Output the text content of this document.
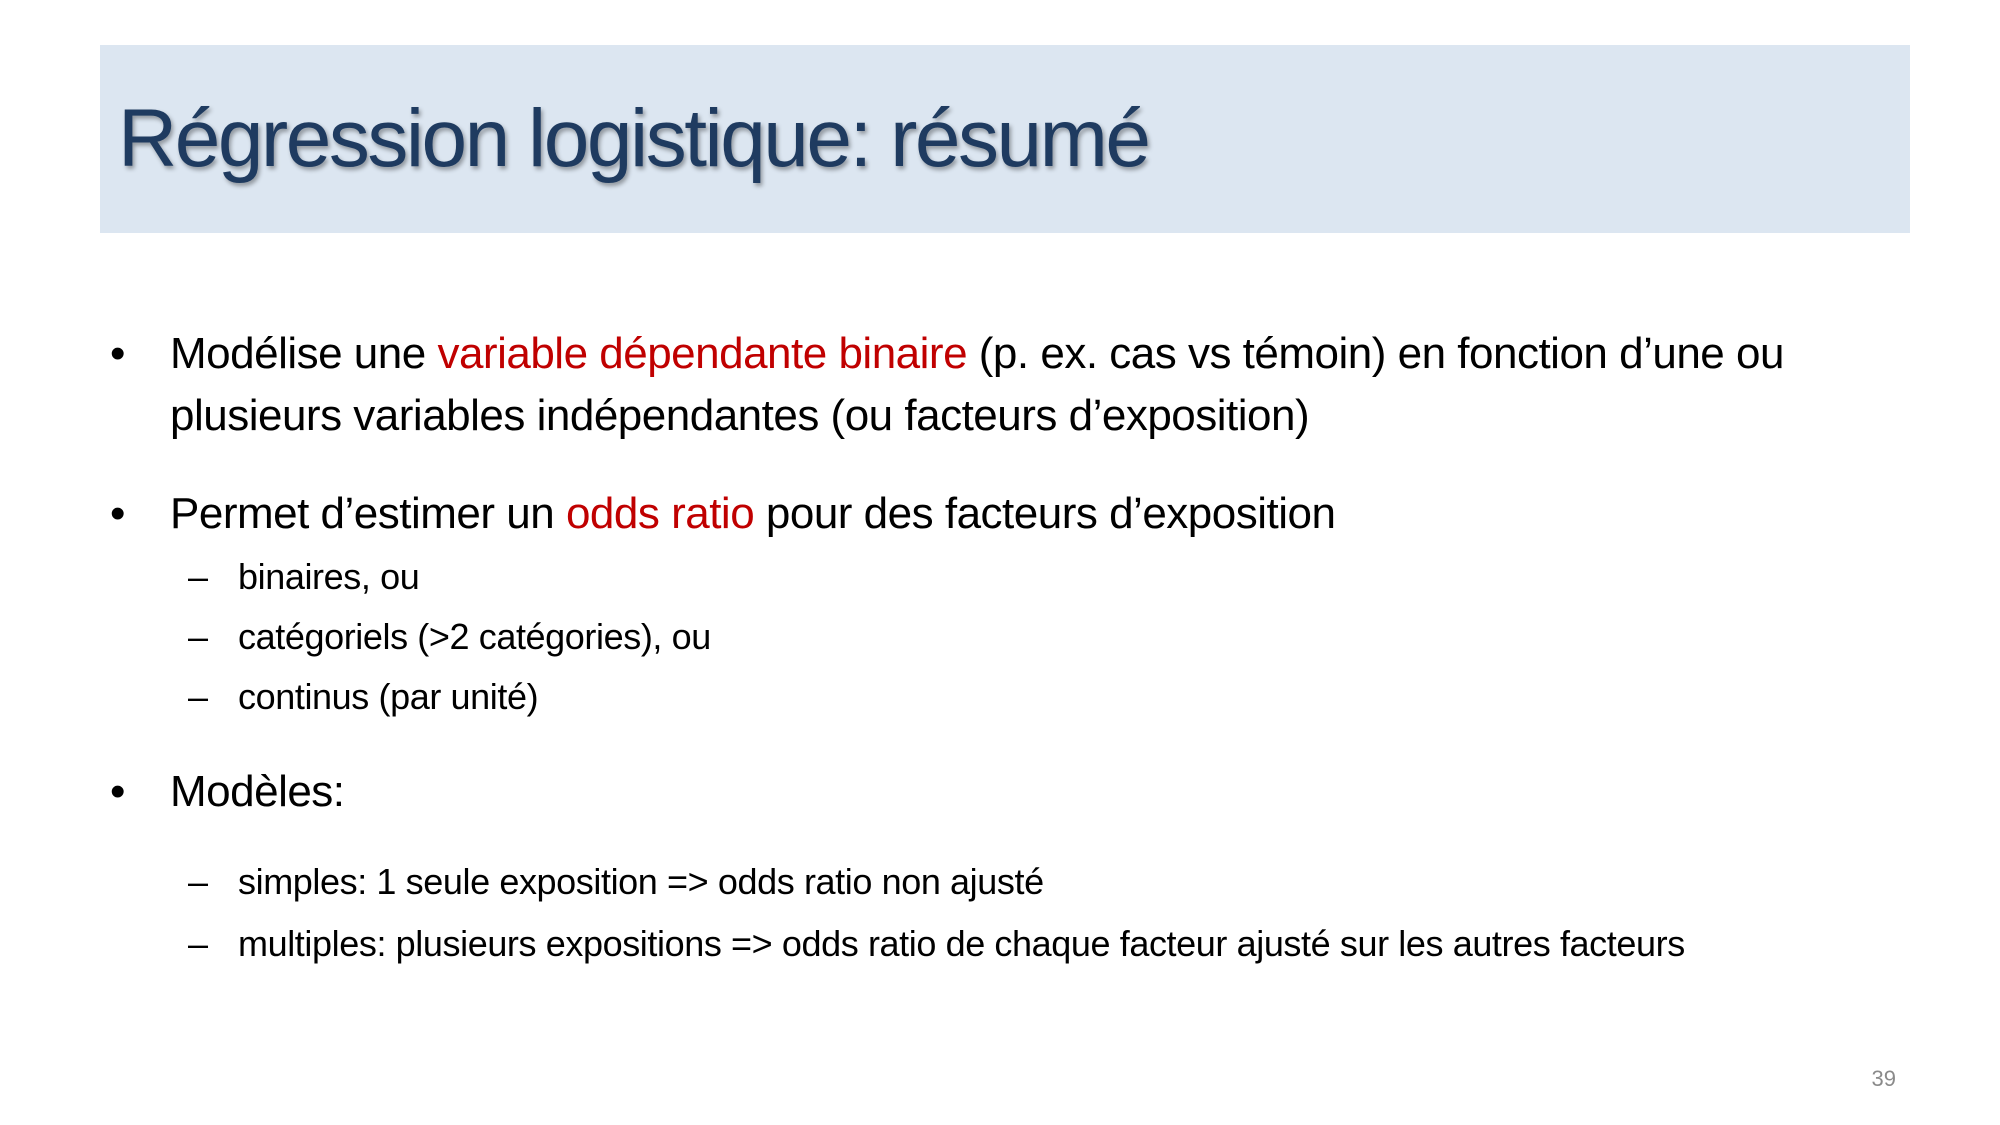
Régression logistique: résumé
• Modélise une variable dépendante binaire (p. ex. cas vs témoin) en fonction d’une ou
plusieurs variables indépendantes (ou facteurs d’exposition)
• Permet d’estimer un odds ratio pour des facteurs d’exposition
– binaires, ou
– catégoriels (>2 catégories), ou
– continus (par unité)
• Modèles:
– simples: 1 seule exposition => odds ratio non ajusté
– multiples: plusieurs expositions => odds ratio de chaque facteur ajusté sur les autres facteurs
39
